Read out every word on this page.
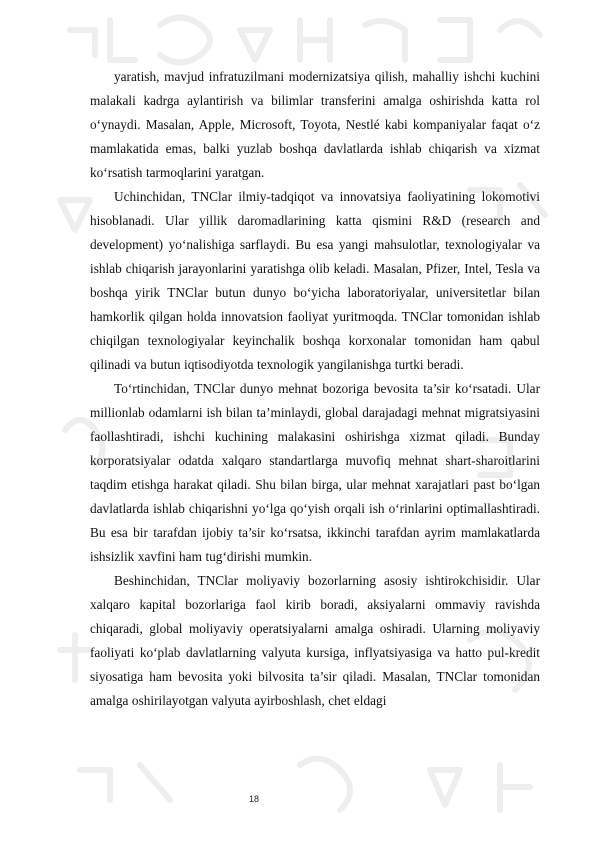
yaratish, mavjud infratuzilmani modernizatsiya qilish, mahalliy ishchi kuchini malakali kadrga aylantirish va bilimlar transferini amalga oshirishda katta rol o‘ynaydi. Masalan, Apple, Microsoft, Toyota, Nestlé kabi kompaniyalar faqat o‘z mamlakatida emas, balki yuzlab boshqa davlatlarda ishlab chiqarish va xizmat ko‘rsatish tarmoqlarini yaratgan.

Uchinchidan, TNClar ilmiy-tadqiqot va innovatsiya faoliyatining lokomotivi hisoblanadi. Ular yillik daromadlarining katta qismini R&D (research and development) yo‘nalishiga sarflaydi. Bu esa yangi mahsulotlar, texnologiyalar va ishlab chiqarish jarayonlarini yaratishga olib keladi. Masalan, Pfizer, Intel, Tesla va boshqa yirik TNClar butun dunyo bo‘yicha laboratoriyalar, universitetlar bilan hamkorlik qilgan holda innovatsion faoliyat yuritmoqda. TNClar tomonidan ishlab chiqilgan texnologiyalar keyinchalik boshqa korxonalar tomonidan ham qabul qilinadi va butun iqtisodiyotda texnologik yangilanishga turtki beradi.

To‘rtinchidan, TNClar dunyo mehnat bozoriga bevosita ta’sir ko‘rsatadi. Ular millionlab odamlarni ish bilan ta’minlaydi, global darajadagi mehnat migratsiyasini faollashtiradi, ishchi kuchining malakasini oshirishga xizmat qiladi. Bunday korporatsiyalar odatda xalqaro standartlarga muvofiq mehnat shart-sharoitlarini taqdim etishga harakat qiladi. Shu bilan birga, ular mehnat xarajatlari past bo‘lgan davlatlarda ishlab chiqarishni yo‘lga qo‘yish orqali ish o‘rinlarini optimallashtiradi. Bu esa bir tarafdan ijobiy ta’sir ko‘rsatsa, ikkinchi tarafdan ayrim mamlakatlarda ishsizlik xavfini ham tug‘dirishi mumkin.

Beshinchidan, TNClar moliyaviy bozorlarning asosiy ishtirokchisidir. Ular xalqaro kapital bozorlariga faol kirib boradi, aksiyalarni ommaviy ravishda chiqaradi, global moliyaviy operatsiyalarni amalga oshiradi. Ularning moliyaviy faoliyati ko‘plab davlatlarning valyuta kursiga, inflyatsiyasiga va hatto pul-kredit siyosatiga ham bevosita yoki bilvosita ta’sir qiladi. Masalan, TNClar tomonidan amalga oshirilayotgan valyuta ayirboshlash, chet eldagi

18
